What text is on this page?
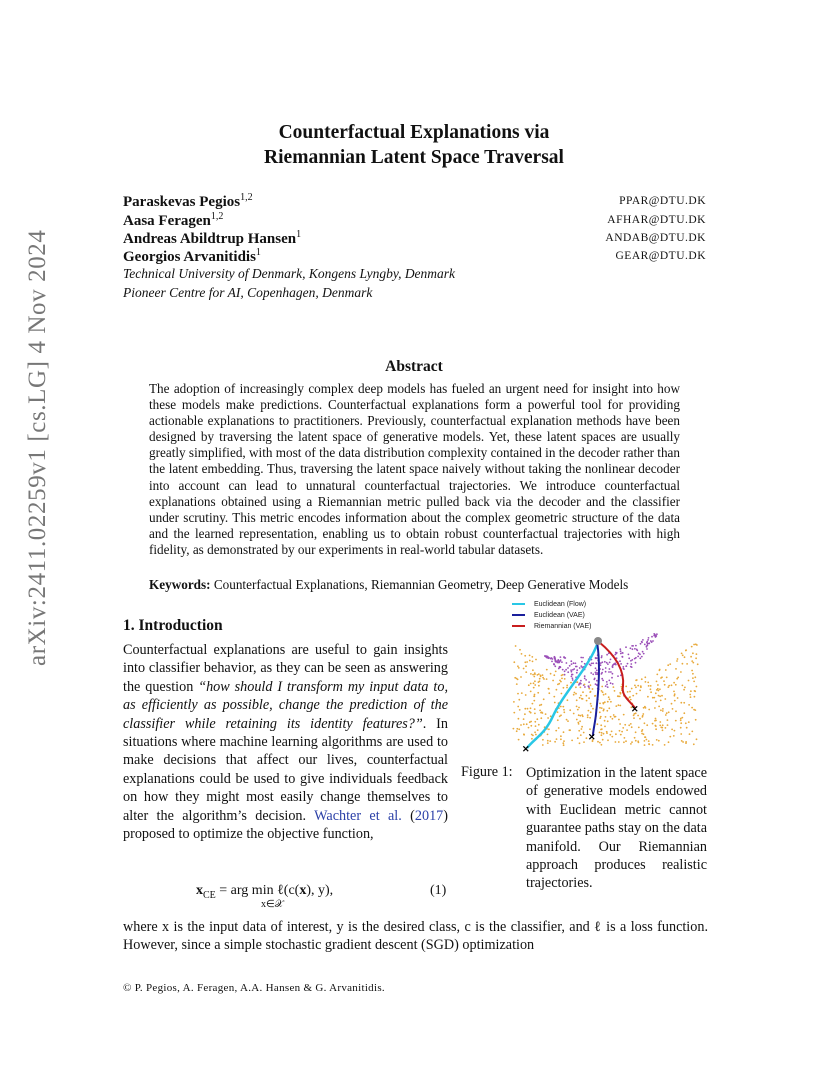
arXiv:2411.02259v1 [cs.LG] 4 Nov 2024
Counterfactual Explanations via
Riemannian Latent Space Traversal
Paraskevas Pegios$^{1,2}$	PPAR@DTU.DK
Aasa Feragen$^{1,2}$	AFHAR@DTU.DK
Andreas Abildtrup Hansen$^1$	ANDAB@DTU.DK
Georgios Arvanitidis$^1$	GEAR@DTU.DK
Technical University of Denmark, Kongens Lyngby, Denmark
Pioneer Centre for AI, Copenhagen, Denmark
Abstract
The adoption of increasingly complex deep models has fueled an urgent need for insight into how these models make predictions. Counterfactual explanations form a powerful tool for providing actionable explanations to practitioners. Previously, counterfactual explanation methods have been designed by traversing the latent space of generative models. Yet, these latent spaces are usually greatly simplified, with most of the data distribution complexity contained in the decoder rather than the latent embedding. Thus, traversing the latent space naively without taking the nonlinear decoder into account can lead to unnatural counterfactual trajectories. We introduce counterfactual explanations obtained using a Riemannian metric pulled back via the decoder and the classifier under scrutiny. This metric encodes information about the complex geometric structure of the data and the learned representation, enabling us to obtain robust counterfactual trajectories with high fidelity, as demonstrated by our experiments in real-world tabular datasets.
Keywords: Counterfactual Explanations, Riemannian Geometry, Deep Generative Models
1. Introduction
Counterfactual explanations are useful to gain insights into classifier behavior, as they can be seen as answering the question “how should I transform my input data to, as efficiently as possible, change the prediction of the classifier while retaining its identity features?”. In situations where machine learning algorithms are used to make decisions that affect our lives, counterfactual explanations could be used to give individuals feedback on how they might most easily change themselves to alter the algorithm’s decision. Wachter et al. (2017) proposed to optimize the objective function,
$x_{CE}$ = arg min ℓ(c(x), y),
x∈𝒳
(1)
where x is the input data of interest, y is the desired class, c is the classifier, and ℓ is a loss function. However, since a simple stochastic gradient descent (SGD) optimization
Euclidean (Flow)
Euclidean (VAE)
Riemannian (VAE)
✕
✕
✕
Figure 1: Optimization in the latent space of generative models endowed with Euclidean metric cannot guarantee paths stay on the data manifold. Our Riemannian approach produces realistic trajectories.
© P. Pegios, A. Feragen, A.A. Hansen & G. Arvanitidis.
